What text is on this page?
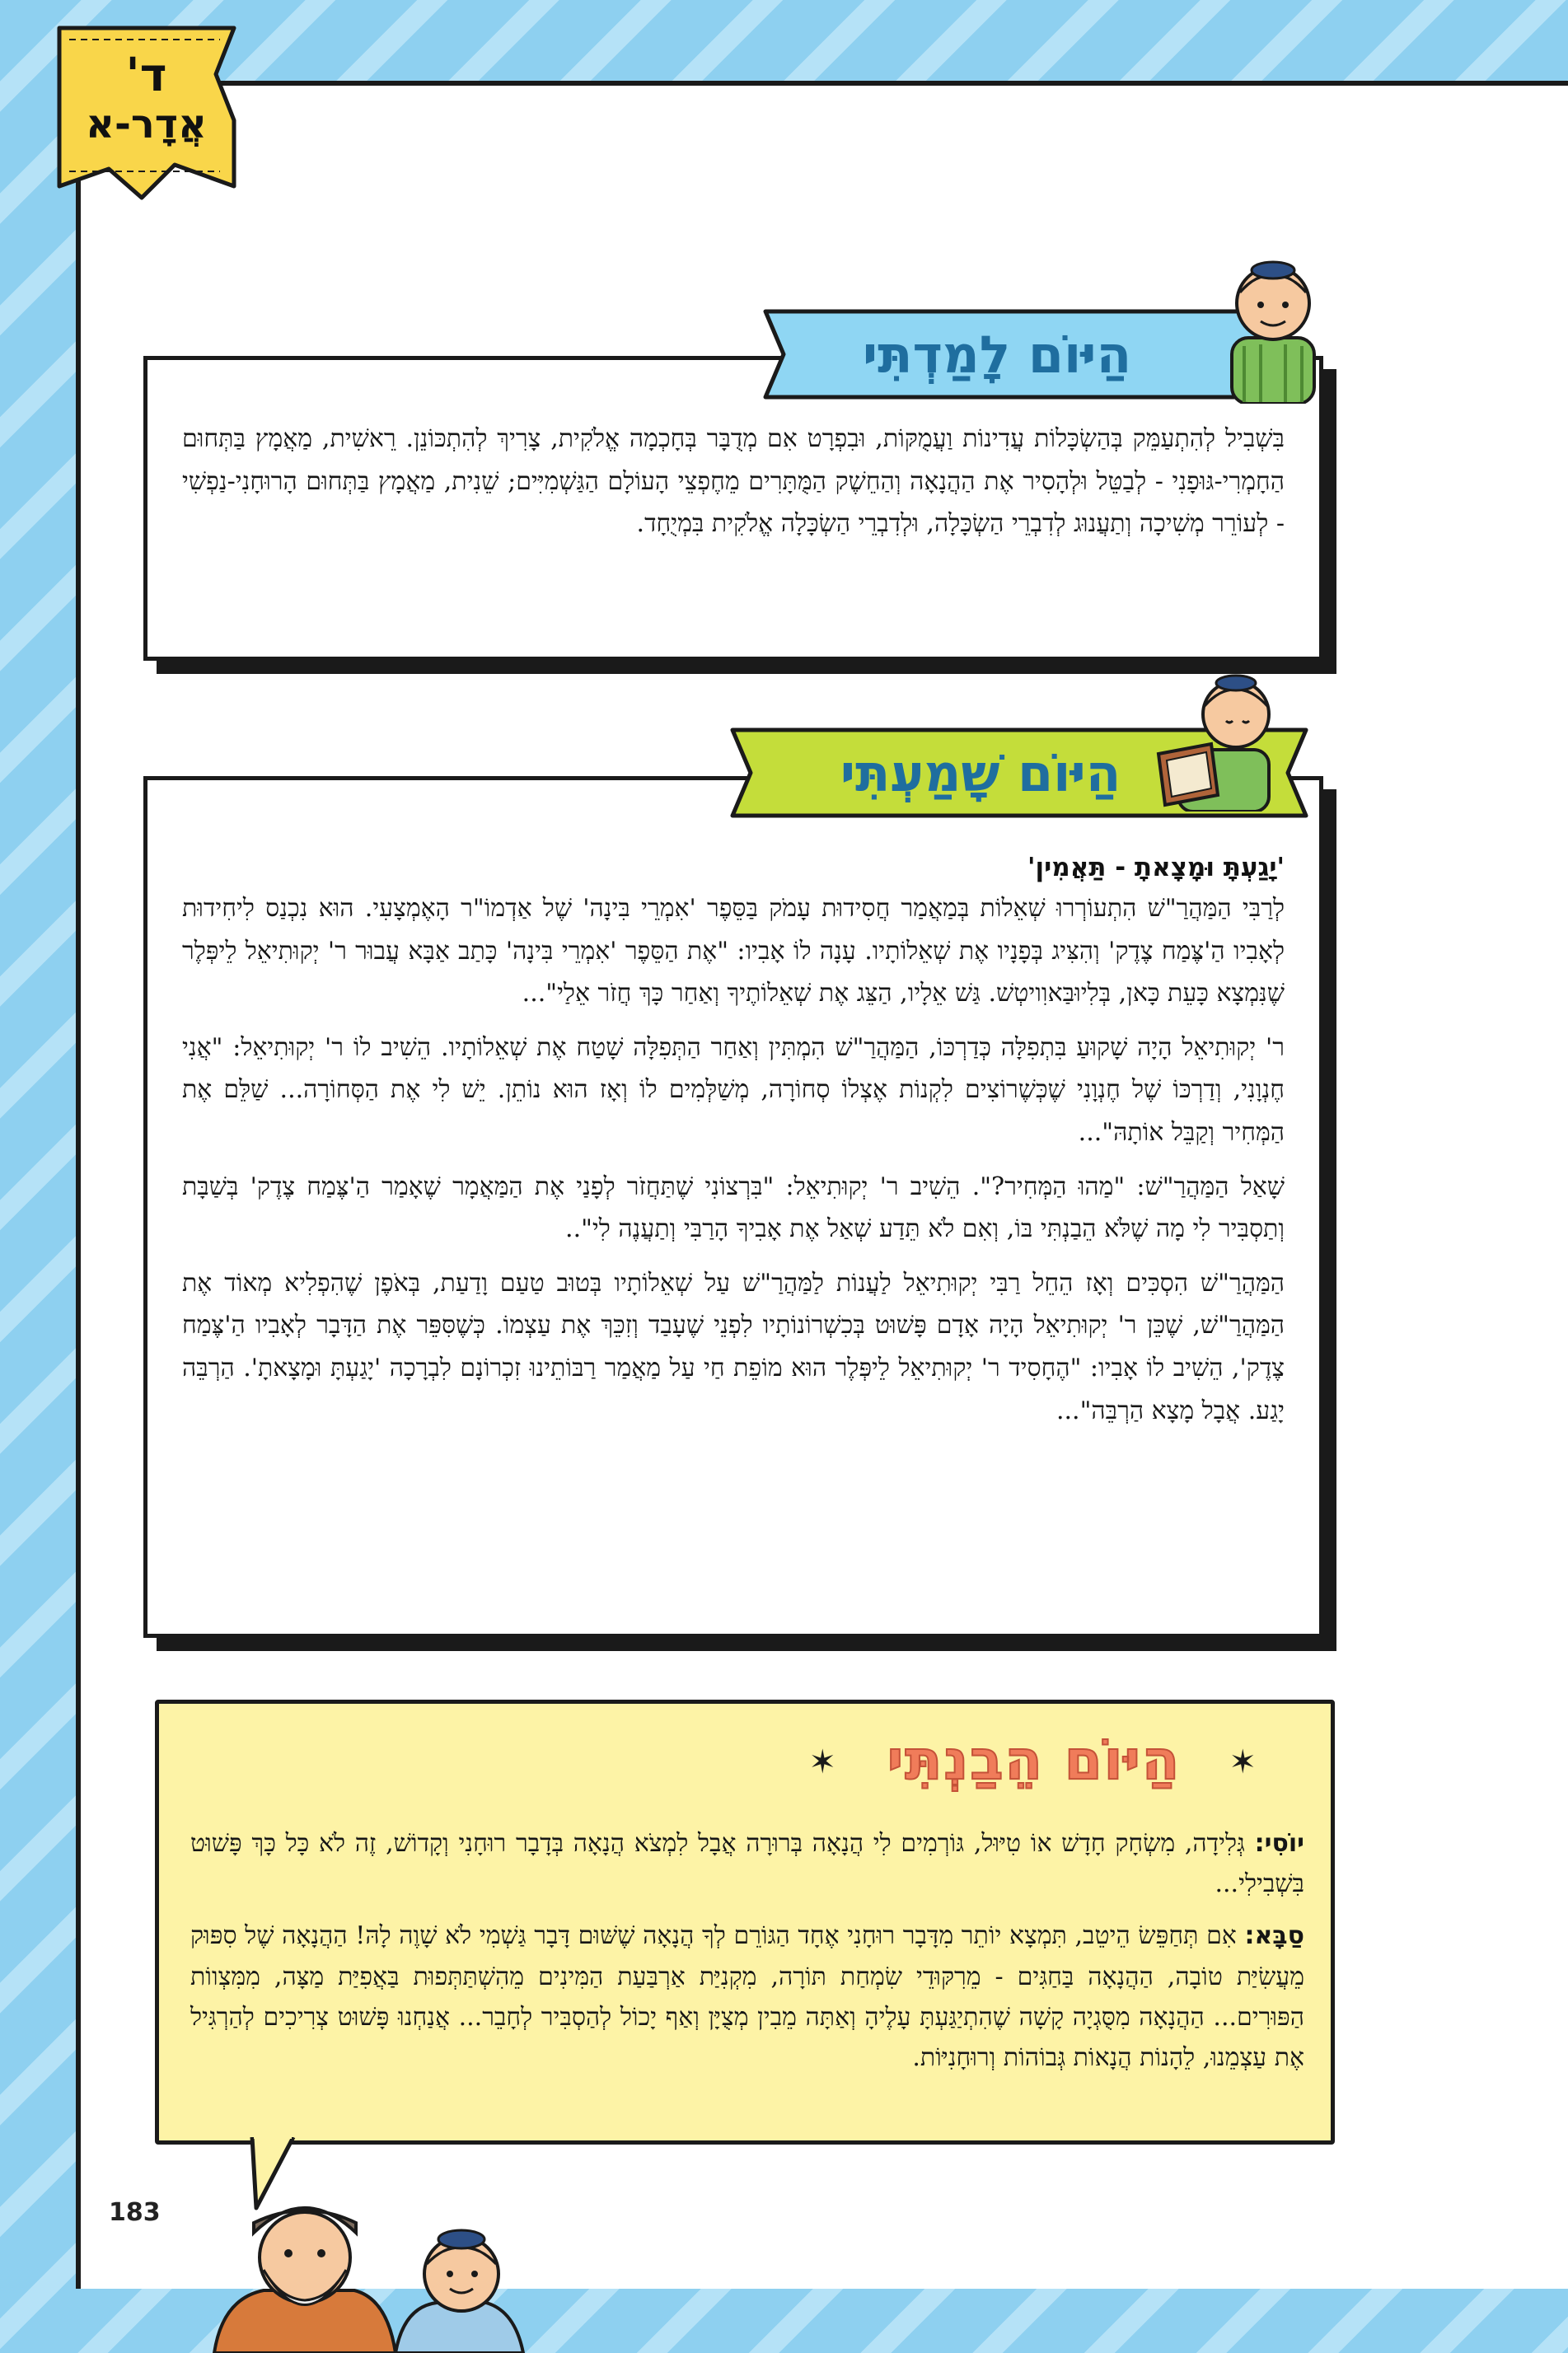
ד'
אֲדָר-א

בִּשְׁבִיל לְהִתְעַמֵּק בְּהַשְׂכָּלוֹת עֲדִינוֹת וַעֲמֻקּוֹת, וּבִפְרָט אִם מְדֻבָּר בְּחָכְמָה אֱלֹקִית, צָרִיךְ לְהִתְכּוֹנֵן. רֵאשִׁית, מַאֲמָץ בַּתְּחוּם הַחָמְרִי-גּוּפָנִי - לְבַטֵּל וּלְהָסִיר אֶת הַהֲנָאָה וְהַחֵשֶׁק הַמֻּתָּרִים מֵחֶפְצֵי הָעוֹלָם הַגַּשְׁמִיִּים; שֵׁנִית, מַאֲמָץ בַּתְּחוּם הָרוּחָנִי-נַפְשִׁי - לְעוֹרֵר מְשִׁיכָה וְתַעֲנוּג לְדִבְרֵי הַשְׂכָּלָה, וּלְדִבְרֵי הַשְׂכָּלָה אֱלֹקִית בִּמְיֻחָד.

הַיּוֹם לָמַדְתִּי
'יָגַעְתָּ וּמָצָאתָ - תַּאֲמִין'

לְרַבִּי הַמַּהֲרַ"שׁ הִתְעוֹרְרוּ שְׁאֵלוֹת בְּמַאֲמַר חֲסִידוּת עָמֹק בַּסֵּפֶר 'אִמְרֵי בִּינָה' שֶׁל אַדְמוֹ"ר הָאֶמְצָעִי. הוּא נִכְנַס לִיחִידוּת לְאָבִיו הַ'צֶּמַח צֶדֶק' וְהִצִּיג בְּפָנָיו אֶת שְׁאֵלוֹתָיו. עָנָה לוֹ אָבִיו: "אֶת הַסֵּפֶר 'אִמְרֵי בִּינָה' כָּתַב אַבָּא עֲבוּר ר' יְקוּתִיאֵל לֵיפְּלֶר שֶׁנִּמְצָא כָּעֵת כָּאן, בְּלִיוּבַּאוִויטְשׁ. גַּשׁ אֵלָיו, הַצֵּג אֶת שְׁאֵלוֹתֶיךָ וְאַחַר כָּךְ חֲזֹר אֵלַי"...

ר' יְקוּתִיאֵל הָיָה שָׁקוּעַ בִּתְפִלָּה כְּדַרְכּוֹ, הַמַּהֲרַ"שׁ הִמְתִּין וְאַחַר הַתְּפִלָּה שָׁטַח אֶת שְׁאֵלוֹתָיו. הֵשִׁיב לוֹ ר' יְקוּתִיאֵל: "אֲנִי חֶנְוָנִי, וְדַרְכּוֹ שֶׁל חֶנְוָנִי שֶׁכְּשֶׁרוֹצִים לִקְנוֹת אֶצְלוֹ סְחוֹרָה, מְשַׁלְּמִים לוֹ וְאָז הוּא נוֹתֵן. יֵשׁ לִי אֶת הַסְּחוֹרָה... שַׁלֵּם אֶת הַמְּחִיר וְקַבֵּל אוֹתָהּ"...

שָׁאַל הַמַּהֲרַ"שׁ: "מַהוּ הַמְּחִיר?". הֵשִׁיב ר' יְקוּתִיאֵל: "בִּרְצוֹנִי שֶׁתַּחֲזֹר לְפָנַי אֶת הַמַּאֲמָר שֶׁאָמַר הַ'צֶּמַח צֶדֶק' בְּשַׁבָּת וְתַסְבִּיר לִי מָה שֶׁלֹּא הֵבַנְתִּי בּוֹ, וְאִם לֹא תֵּדַע שְׁאַל אֶת אָבִיךָ הָרַבִּי וְתַעֲנֶה לִי"..

הַמַּהֲרַ"שׁ הִסְכִּים וְאָז הֵחֵל רַבִּי יְקוּתִיאֵל לַעֲנוֹת לַמַּהֲרַ"שׁ עַל שְׁאֵלוֹתָיו בְּטוּב טַעַם וָדַעַת, בְּאֹפֶן שֶׁהִפְלִיא מְאוֹד אֶת הַמַּהֲרַ"שׁ, שֶׁכֵּן ר' יְקוּתִיאֵל הָיָה אָדָם פָּשׁוּט בְּכִשְׁרוֹנוֹתָיו לִפְנֵי שֶׁעָבַד וְזִכֵּךְ אֶת עַצְמוֹ. כְּשֶׁסִּפֵּר אֶת הַדָּבָר לְאָבִיו הַ'צֶּמַח צֶדֶק', הֵשִׁיב לוֹ אָבִיו: "הֶחָסִיד ר' יְקוּתִיאֵל לֵיפְּלֶר הוּא מוֹפֵת חַי עַל מַאֲמַר רַבּוֹתֵינוּ זִכְרוֹנָם לִבְרָכָה 'יָגַעְתָּ וּמָצָאתָ'. הַרְבֵּה יָגַע. אֲבָל מָצָא הַרְבֵּה"...

הַיּוֹם שָׁמַעְתִּי
✶
הַיּוֹם הֵבַנְתִּי
✶

יוֹסִי: גְּלִידָה, מִשְׂחָק חָדָשׁ אוֹ טִיּוּל, גּוֹרְמִים לִי הֲנָאָה בְּרוּרָה אֲבָל לִמְצֹא הֲנָאָה בְּדָבָר רוּחָנִי וְקָדוֹשׁ, זֶה לֹא כָּל כָּךְ פָּשׁוּט בִּשְׁבִילִי...

סַבָּא: אִם תְּחַפֵּשׂ הֵיטֵב, תִּמְצָא יוֹתֵר מִדָּבָר רוּחָנִי אֶחָד הַגּוֹרֵם לְךָ הֲנָאָה שֶׁשּׁוּם דָּבָר גַּשְׁמִי לֹא שָׁוֶה לָהּ! הַהֲנָאָה שֶׁל סִפּוּק מֵעֲשִׂיַּת טוֹבָה, הַהֲנָאָה בַּחַגִּים - מֵרִקּוּדֵי שִׂמְחַת תּוֹרָה, מִקְנִיַּת אַרְבַּעַת הַמִּינִים מֵהִשְׁתַּתְּפוּת בַּאֲפִיַּת מַצָּה, מִמִּצְווֹת הַפּוּרִים... הַהֲנָאָה מִסֻּגְיָה קָשָׁה שֶׁהִתְיַגַּעְתָּ עָלֶיהָ וְאַתָּה מֵבִין מְצֻיָּן וְאַף יָכוֹל לְהַסְבִּיר לְחָבֵר... אֲנַחְנוּ פָּשׁוּט צְרִיכִים לְהַרְגִּיל אֶת עַצְמֵנוּ, לֵהָנוֹת הֲנָאוֹת גְּבוֹהוֹת וְרוּחָנִיּוֹת.

183
